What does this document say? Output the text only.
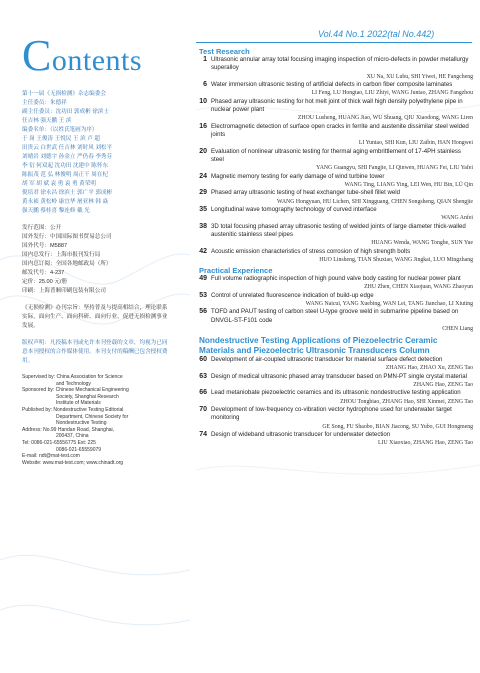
Vol.44 No.1 2022(tal No.442)
Contents
第十一届《无损检测》杂志编委会
主任委员：朱德祥
副主任委员：沈功田 郭成彬 徐滨士
任吉林 强天鹏 王 滨
编委名单：（以姓氏笔画为序）
于 岗 王俊涛 王悦民 王 滨 卢 超
田贵云 白世武 任吉林 刘时风 刘松平
刘晴岩 刘德宇 孙金立 严仍春 李秀芬
李 衍 何双起 沈功田 沈建中 陈怀东
陈振茂 范 弘 林俊明 周正干 周在杞
胡 军 胡 斌 袁 勇 袁 勇 黄荣明
倪培君 徐永昌 徐滨士 郭广平 郭成彬
黄永祯 黄松岭 康宜华 屠亚林 韩 焱
强天鹏 蔡桂喜 黎连修 戴 光
发行范围：公开
国外发行：中国国际图书贸易总公司
国外代号：M5887
国内总发行：上海市报刊发行局
国内总订阅：全国各地邮政局（所）
邮发代号：4-237
定价：25.00 元/册
印刷：上海普顺印刷包装有限公司
《无损检测》办刊宗旨：坚持普及与提高相结合，理论联系实际，面向生产、面向科研、面向行业，促进无损检测事业发展。
版权声明：凡投稿本刊或允许本刊登载的文章，均视为已同意本刊授权的合作媒体使用。本刊支付的稿酬已包含授权费用。
Supervised by: China Association for Science
and Technology
Sponsored by: Chinese Mechanical Engineering
Society, Shanghai Research
Institute of Materials
Published by: Nondestructive Testing Editorial
Department, Chinese Society for
Nondestructive Testing
Address: No.99 Handan Road, Shanghai,
200437, China
Tel: 0086-021-65556775 Ext: 225
0086-021-65559079
E-mail: ndt@mat-test.com
Website: www.mat-test.com; www.chinadt.org
Test Research
1 Ultrasonic annular array total focusing imaging inspection of micro-defects in powder metallurgy superalloy
XU Na, XU Lubu, SHI Yiwei, HE Fangcheng
6 Water immersion ultrasonic testing of artificial defects in carbon fiber composite laminates
LI Feng, LU Hongtao, LIU Zhiyi, WANG Juntao, ZHANG Fangzhou
10 Phased array ultrasonic testing for hot melt joint of thick wall high density polyethylene pipe in nuclear power plant
ZHOU Lusheng, HUANG Jiao, WU Shuang, QIU Xiaodong, WANG Liren
16 Electromagnetic detection of surface open cracks in ferrite and austenite dissimilar steel welded joints
LI Yuntao, SHI Kun, LIU Zaibin, HAN Hongwei
20 Evaluation of nonlinear ultrasonic testing for thermal aging embrittlement of 17-4PH stainless steel
YANG Guangyu, SHI Fangjie, LI Qinwen, HUANG Fei, LIU Yafei
24 Magnetic memory testing for early damage of wind turbine tower
WANG Ting, LIANG Ying, LEI Wen, HU Bin, LÜ Qin
29 Phased array ultrasonic testing of heat exchanger tube-shell fillet weld
WANG Hongyuan, HU Lichen, SHI Xingguang, CHEN Songsheng, QIAN Shengjie
35 Longitudinal wave tomography technology of curved interface
WANG Anfei
38 3D total focusing phased array ultrasonic testing of welded joints of large diameter thick-walled austenitic stainless steel pipes
HUANG Wenda, WANG Tonghe, SUN Yue
42 Acoustic emission characteristics of stress corrosion of high strength bolts
HUO Linsheng, TIAN Shuxiao, WANG Jingkai, LUO Mingzhang
Practical Experience
49 Full volume radiographic inspection of high pound valve body casting for nuclear power plant
ZHU Zhen, CHEN Xiaojuan, WANG Zhaoyun
53 Control of unrelated fluorescence indication of build-up edge
WANG Naicui, YANG Xuebing, WAN Lei, TANG Jianchao, LI Xiuting
56 TOFD and PAUT testing of carbon steel U-type groove weld in submarine pipeline based on DNVGL-ST-F101 code
CHEN Liang
Nondestructive Testing Applications of Piezoelectric Ceramic Materials and Piezoelectric Ultrasonic Transducers Column
60 Development of air-coupled ultrasonic transducer for material surface defect detection
ZHANG Hao, ZHAO Xu, ZENG Tao
63 Design of medical ultrasonic phased array transducer based on PMN-PT single crystal material
ZHANG Hao, ZENG Tao
66 Lead metaniobate piezoelectric ceramics and its ultrasonic nondestructive testing application
ZHOU Tongbiao, ZHANG Hao, SHI Xinmei, ZENG Tao
70 Development of low-frequency co-vibration vector hydrophone used for underwater target monitoring
GE Song, FU Shaobo, BIAN Jiacong, SU Yubo, GUI Hongmeng
74 Design of wideband ultrasonic transducer for underwater detection
LIU Xiaoxiao, ZHANG Hao, ZENG Tao
